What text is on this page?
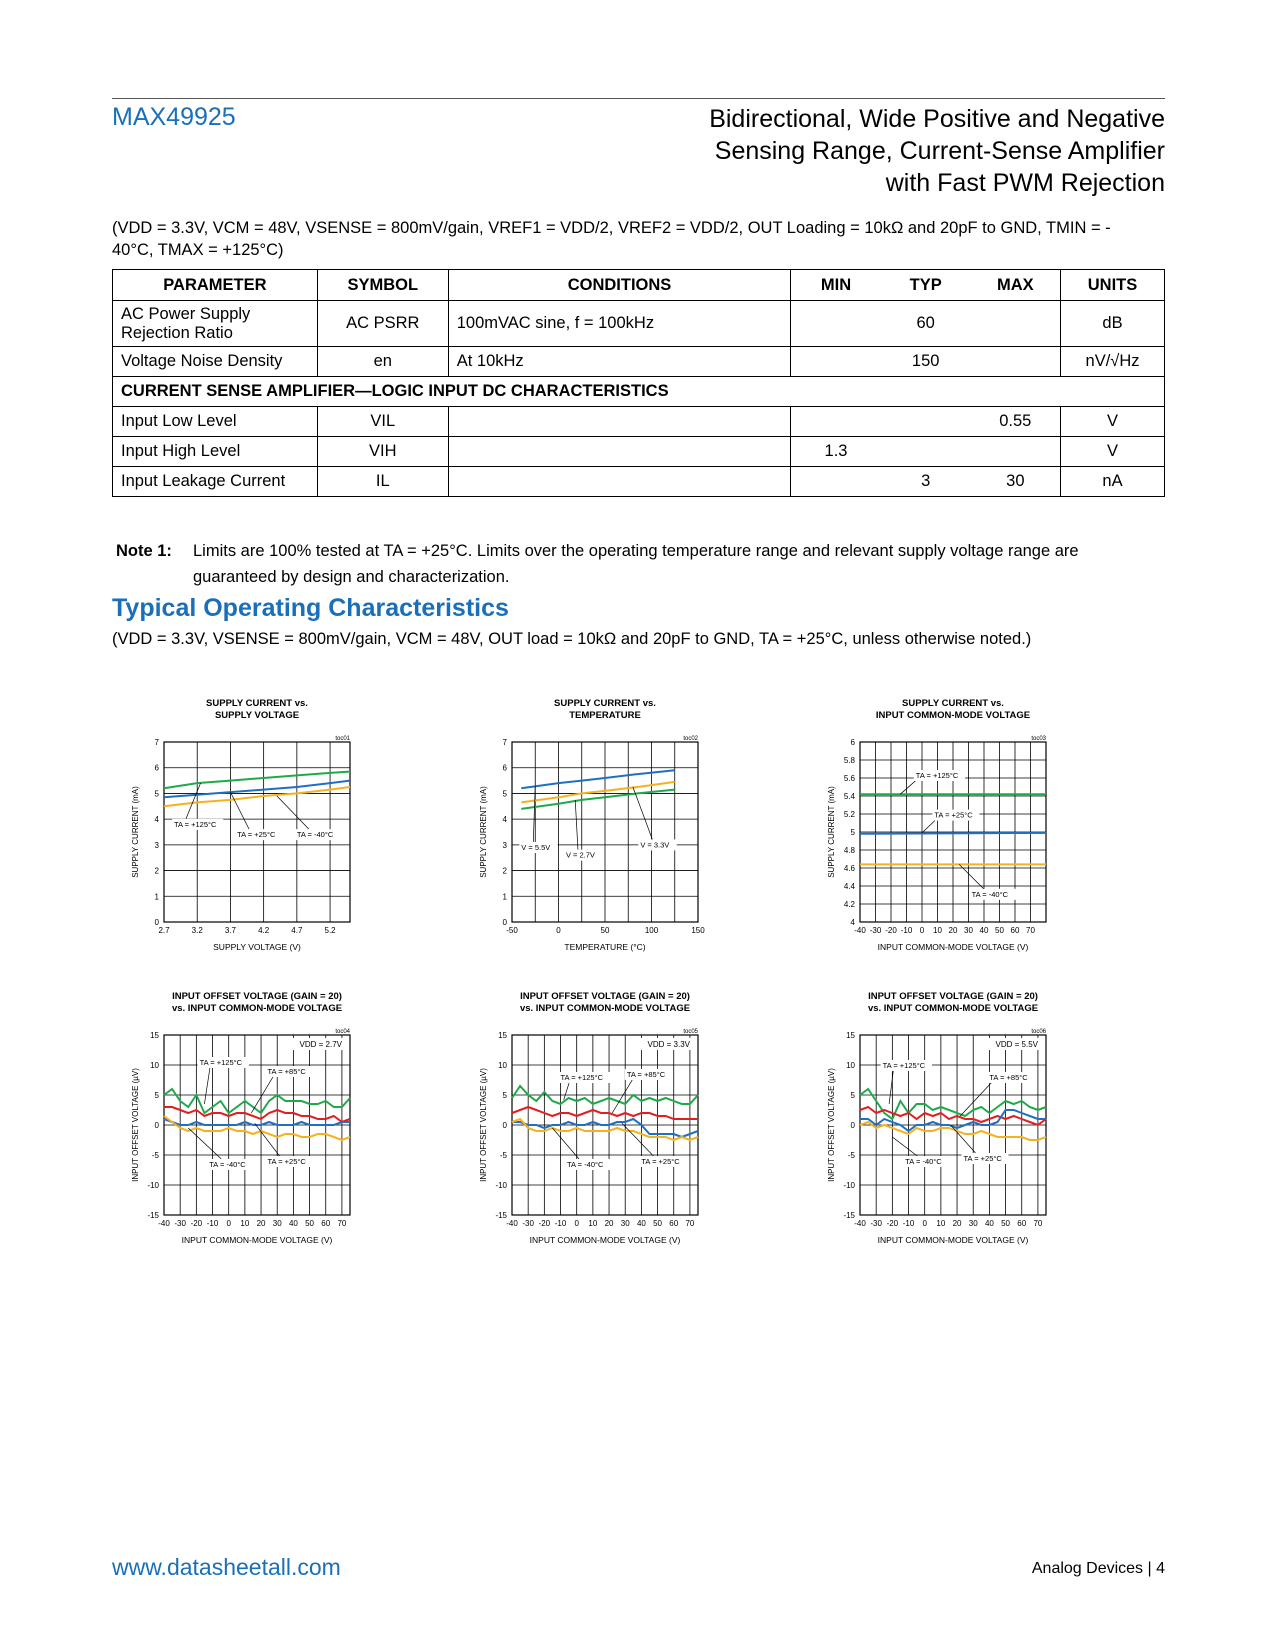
MAX49925	Bidirectional, Wide Positive and Negative
Sensing Range, Current-Sense Amplifier
with Fast PWM Rejection
(VDD = 3.3V, VCM = 48V, VSENSE = 800mV/gain, VREF1 = VDD/2, VREF2 = VDD/2, OUT Loading = 10kΩ and 20pF to GND, TMIN = -
40°C, TMAX = +125°C)
PARAMETER	SYMBOL	CONDITIONS	MIN	TYP	MAX	UNITS
AC Power Supply Rejection Ratio	AC PSRR	100mVAC sine, f = 100kHz		60		dB
Voltage Noise Density	en	At 10kHz		150		nV/√Hz
CURRENT SENSE AMPLIFIER—LOGIC INPUT DC CHARACTERISTICS						
Input Low Level	VIL				0.55	V
Input High Level	VIH		1.3			V
Input Leakage Current	IL			3	30	nA
Note 1: Limits are 100% tested at TA = +25°C. Limits over the operating temperature range and relevant supply voltage range are
guaranteed by design and characterization.
Typical Operating Characteristics
(VDD = 3.3V, VSENSE = 800mV/gain, VCM = 48V, OUT load = 10kΩ and 20pF to GND, TA = +25°C, unless otherwise noted.)
SUPPLY CURRENT vs.
SUPPLY VOLTAGE
toc01
2.7	3.2	3.7	4.2	4.7	5.2
0
1
2
3
4
5
6
7
SUPPLY VOLTAGE (V)
SUPPLY CURRENT (mA)	TA = +125°C
TA = +25°C	TA = -40°C
SUPPLY CURRENT vs.
TEMPERATURE
toc02
-50	0	50	100	150
0
1
2
3
4
5
6
7
TEMPERATURE (°C)
SUPPLY CURRENT (mA)	V = 5.5V
V = 2.7V
V = 3.3V
SUPPLY CURRENT vs.
INPUT COMMON-MODE VOLTAGE
toc03
-40 -30 -20 -10 0 10 20 30 40 50 60 70
4
4.2
4.4
4.6
4.8
5
5.2
5.4
5.6
5.8
6
INPUT COMMON-MODE VOLTAGE (V)
SUPPLY CURRENT (mA)
TA = +125°C
TA = +25°C
TA = -40°C
INPUT OFFSET VOLTAGE (GAIN = 20)
vs. INPUT COMMON-MODE VOLTAGE
toc04
-40 -30 -20 -10 0 10 20 30 40 50 60 70
-15
-10
-5
0
5
10
15
INPUT COMMON-MODE VOLTAGE (V)
INPUT OFFSET VOLTAGE (µV)
VDD = 2.7V
TA = +125°C
TA = +85°C
TA = -40°C	TA = +25°C
INPUT OFFSET VOLTAGE (GAIN = 20)
vs. INPUT COMMON-MODE VOLTAGE
toc05
-40 -30 -20 -10 0 10 20 30 40 50 60 70
-15
-10
-5
0
5
10
15
INPUT COMMON-MODE VOLTAGE (V)
INPUT OFFSET VOLTAGE (µV)
VDD = 3.3V
TA = +125°C	TA = +85°C
TA = -40°C	TA = +25°C
INPUT OFFSET VOLTAGE (GAIN = 20)
vs. INPUT COMMON-MODE VOLTAGE
toc06
-40 -30 -20 -10 0 10 20 30 40 50 60 70
-15
-10
-5
0
5
10
15
INPUT COMMON-MODE VOLTAGE (V)
INPUT OFFSET VOLTAGE (µV)
VDD = 5.5V
TA = +125°C
TA = +85°C
TA = -40°C	TA = +25°C
www.datasheetall.com	Analog Devices | 4
